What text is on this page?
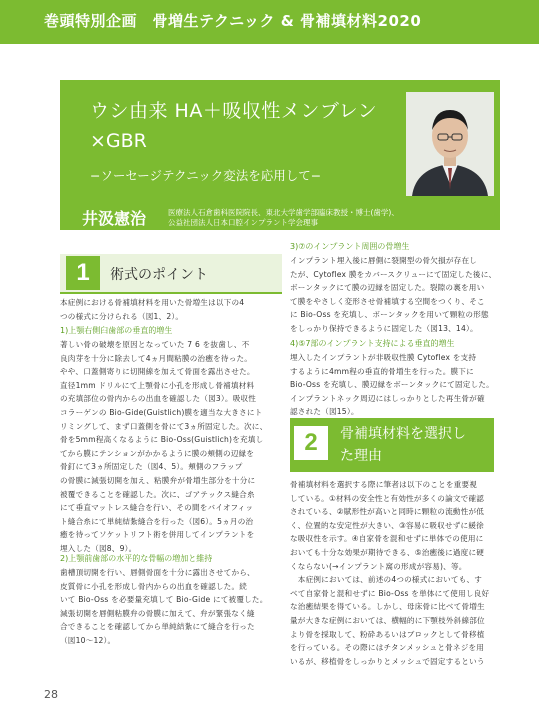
巻頭特別企画　骨増生テクニック & 骨補填材料2020
ウシ由来 HA＋吸収性メンブレン
×GBR
−ソーセージテクニック変法を応用して−
井汲憲治	医療法人石倉歯科医院院長、東北大学歯学部臨床教授・博士(歯学)、
公益社団法人日本口腔インプラント学会理事
1	術式のポイント
本症例における骨補填材料を用いた骨増生は以下の4
つの様式に分けられる（図1、2）。
1)上顎右側臼歯部の垂直的増生
著しい骨の破壊を原因となっていた 7 6 を抜歯し、不
良肉芽を十分に除去して4ヵ月間粘膜の治癒を待った。
やや、口蓋側寄りに切開線を加えて骨面を露出させた。
直径1mm ドリルにて上顎骨に小孔を形成し骨補填材料
の充填部位の骨内からの出血を確認した（図3）。吸収性
コラーゲンの Bio-Gide(Guistlich)膜を適当な大きさにト
リミングして、まず口蓋側を骨にて3ヵ所固定した。次に、
骨を5mm程高くなるように Bio-Oss(Guistlich)を充填し
てから膜にテンションがかかるように膜の頬側の辺縁を
骨釘にて3ヵ所固定した（図4、5）。頬側のフラップ
の骨膜に減張切開を加え、粘膜弁が骨増生部分を十分に
被覆できることを確認した。次に、ゴアテックス縫合糸
にて垂直マットレス縫合を行い、その間をバイオフィッ
ト縫合糸にて単純結紮縫合を行った（図6）。5ヵ月の治
癒を待ってソケットリフト術を併用してインプラントを
埋入した（図8、9）。
2)上顎前歯部の水平的な骨幅の増加と維持
歯槽頂切開を行い、唇側骨面を十分に露出させてから、
皮質骨に小孔を形成し骨内からの出血を確認した。続
いて Bio-Oss を必要量充填して Bio-Gide にて被覆した。
減張切開を唇側粘膜弁の骨膜に加えて、弁が緊張なく縫
合できることを確認してから単純結紮にて縫合を行った
（図10〜12）。
3)⑦のインプラント周囲の骨増生
インプラント埋入後に唇側に裂開型の骨欠損が存在し
たが、Cytoflex 膜をカバースクリューにて固定した後に、
ボーンタックにて膜の辺縁を固定した。裂隙の裏を用い
て膜をやさしく変形させ骨補填する空間をつくり、そこ
に Bio-Oss を充填し、ボーンタックを用いて顆粒の形態
をしっかり保持できるように固定した（図13、14）。
4)⑤7部のインプラント支持による垂直的増生
埋入したインプラントが非吸収性膜 Cytoflex を支持
するように4mm程の垂直的骨増生を行った。膜下に
Bio-Oss を充填し、膜辺縁をボーンタックにて固定した。
インプラントネック周辺にはしっかりとした再生骨が確
認された（図15）。
2	骨補填材料を選択し
た理由
骨補填材料を選択する際に筆者は以下のことを重要視
している。①材料の安全性と有効性が多くの論文で確認
されている、②賦形性が高いと同時に顆粒の流動性が低
く、位置的な安定性が大きい、③容易に吸収せずに緩徐
な吸収性を示す。④自家骨を混和せずに単体での使用に
おいても十分な効果が期待できる、⑤治癒後に過度に硬
くならない(→インプラント窩の形成が容易)、等。
　本症例においては、前述の4つの様式においても、す
べて自家骨と混和せずに Bio-Oss を単体にて使用し良好
な治癒結果を得ている。しかし、母床骨に比べて骨増生
量が大きな症例においては、横幅的に下顎枝外斜線部位
より骨を採取して、粉砕あるいはブロックとして骨移植
を行っている。その際にはチタンメッシュと骨ネジを用
いるが、移植骨をしっかりとメッシュで固定するという
28
